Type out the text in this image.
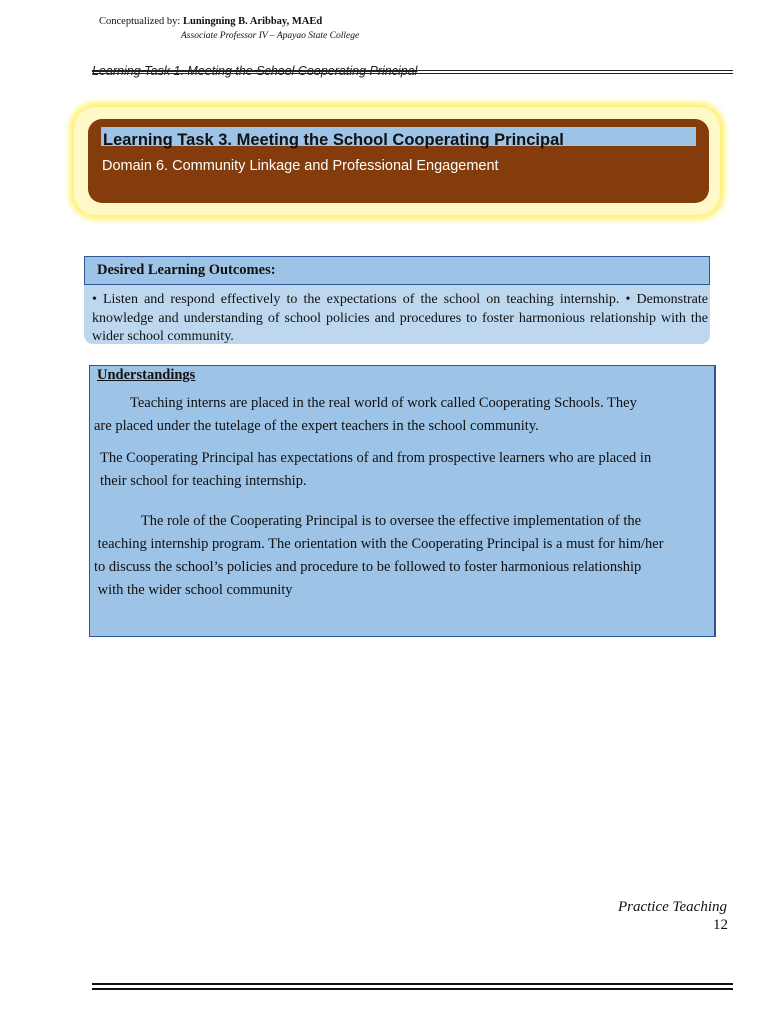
Conceptualized by: Luningning B. Aribbay, MAEd
Associate Professor IV – Apayao State College
Learning Task 1. Meeting the School Cooperating Principal
Learning Task 3. Meeting the School Cooperating Principal
Domain 6. Community Linkage and Professional Engagement
Desired Learning Outcomes:
• Listen and respond effectively to the expectations of the school on teaching internship. • Demonstrate knowledge and understanding of school policies and procedures to foster harmonious relationship with the wider school community.
Understandings
Teaching interns are placed in the real world of work called Cooperating Schools. They
are placed under the tutelage of the expert teachers in the school community.
The Cooperating Principal has expectations of and from prospective learners who are placed in
their school for teaching internship.
The role of the Cooperating Principal is to oversee the effective implementation of the
teaching internship program. The orientation with the Cooperating Principal is a must for him/her
to discuss the school’s policies and procedure to be followed to foster harmonious relationship
with the wider school community
Practice Teaching
12
